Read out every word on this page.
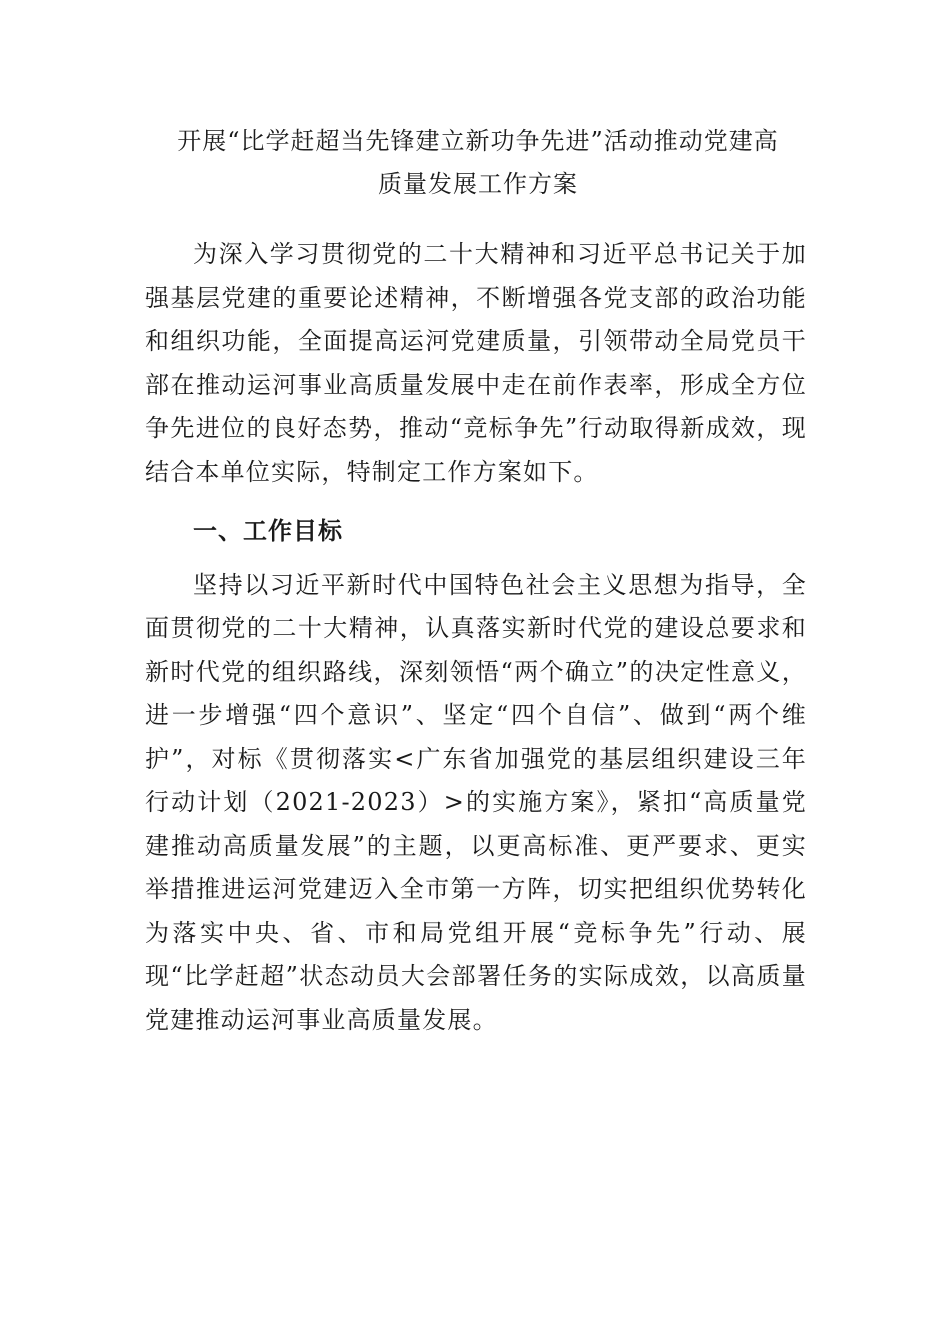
开展“比学赶超当先锋建立新功争先进”活动推动党建高
质量发展工作方案

为深入学习贯彻党的二十大精神和习近平总书记关于加强基层党建的重要论述精神，不断增强各党支部的政治功能和组织功能，全面提高运河党建质量，引领带动全局党员干部在推动运河事业高质量发展中走在前作表率，形成全方位争先进位的良好态势，推动“竞标争先”行动取得新成效，现结合本单位实际，特制定工作方案如下。

一、工作目标

坚持以习近平新时代中国特色社会主义思想为指导，全面贯彻党的二十大精神，认真落实新时代党的建设总要求和新时代党的组织路线，深刻领悟“两个确立”的决定性意义，进一步增强“四个意识”、坚定“四个自信”、做到“两个维护”，对标《贯彻落实<广东省加强党的基层组织建设三年行动计划（2021-2023）>的实施方案》，紧扣“高质量党建推动高质量发展”的主题，以更高标准、更严要求、更实举措推进运河党建迈入全市第一方阵，切实把组织优势转化为落实中央、省、市和局党组开展“竞标争先”行动、展现“比学赶超”状态动员大会部署任务的实际成效，以高质量党建推动运河事业高质量发展。
